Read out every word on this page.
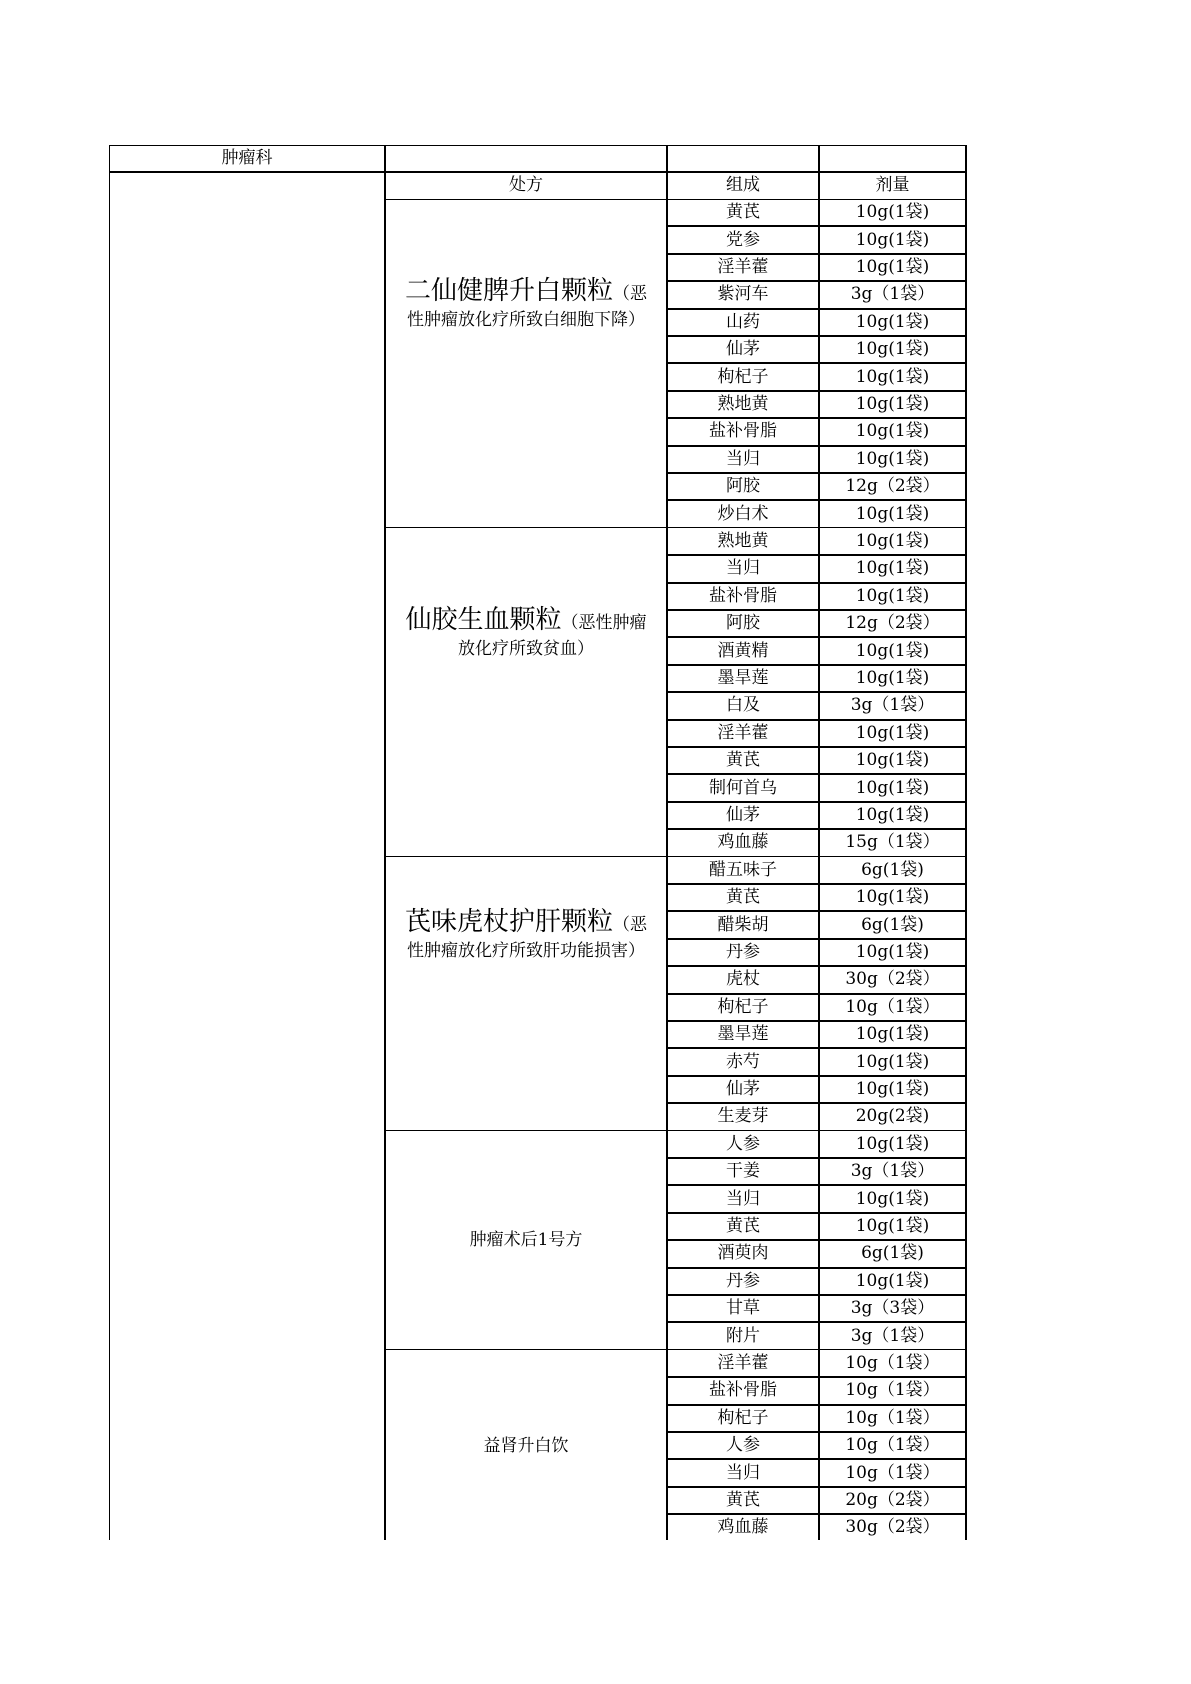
肿瘤科
处方	组成	剂量
二仙健脾升白颗粒（恶
性肿瘤放化疗所致白细胞下降）
黄芪	10g(1袋)
党参	10g(1袋)
淫羊藿	10g(1袋)
紫河车	3g（1袋）
山药	10g(1袋)
仙茅	10g(1袋)
枸杞子	10g(1袋)
熟地黄	10g(1袋)
盐补骨脂	10g(1袋)
当归	10g(1袋)
阿胶	12g（2袋）
炒白术	10g(1袋)
仙胶生血颗粒（恶性肿瘤
放化疗所致贫血）
熟地黄	10g(1袋)
当归	10g(1袋)
盐补骨脂	10g(1袋)
阿胶	12g（2袋）
酒黄精	10g(1袋)
墨旱莲	10g(1袋)
白及	3g（1袋）
淫羊藿	10g(1袋)
黄芪	10g(1袋)
制何首乌	10g(1袋)
仙茅	10g(1袋)
鸡血藤	15g（1袋）
芪味虎杖护肝颗粒（恶
性肿瘤放化疗所致肝功能损害）
醋五味子	6g(1袋)
黄芪	10g(1袋)
醋柴胡	6g(1袋)
丹参	10g(1袋)
虎杖	30g（2袋）
枸杞子	10g（1袋）
墨旱莲	10g(1袋)
赤芍	10g(1袋)
仙茅	10g(1袋)
生麦芽	20g(2袋)
肿瘤术后1号方
人参	10g(1袋)
干姜	3g（1袋）
当归	10g(1袋)
黄芪	10g(1袋)
酒萸肉	6g(1袋)
丹参	10g(1袋)
甘草	3g（3袋）
附片	3g（1袋）
益肾升白饮
淫羊藿	10g（1袋）
盐补骨脂	10g（1袋）
枸杞子	10g（1袋）
人参	10g（1袋）
当归	10g（1袋）
黄芪	20g（2袋）
鸡血藤	30g（2袋）
